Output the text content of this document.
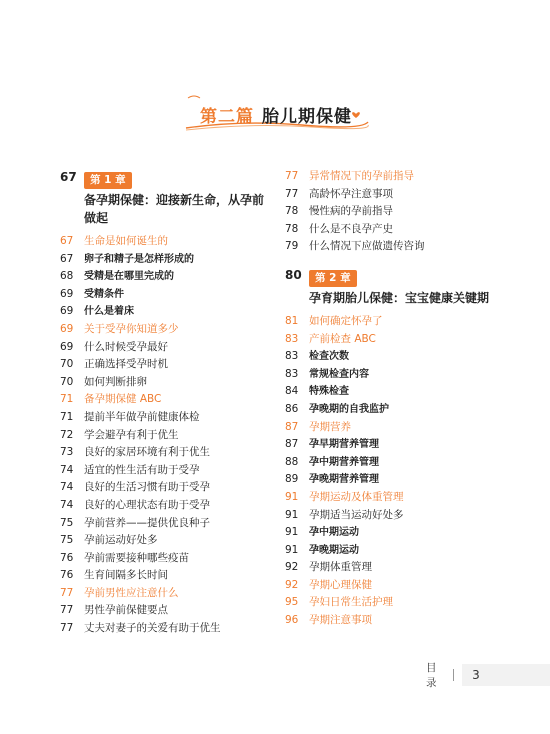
第二篇 胎儿期保健
67	第 1 章
备孕期保健：迎接新生命，从孕前做起
67	生命是如何诞生的
67	卵子和精子是怎样形成的
68	受精是在哪里完成的
69	受精条件
69	什么是着床
69	关于受孕你知道多少
69	什么时候受孕最好
70	正确选择受孕时机
70	如何判断排卵
71	备孕期保健 ABC
71	提前半年做孕前健康体检
72	学会避孕有利于优生
73	良好的家居环境有利于优生
74	适宜的性生活有助于受孕
74	良好的生活习惯有助于受孕
74	良好的心理状态有助于受孕
75	孕前营养——提供优良种子
75	孕前运动好处多
76	孕前需要接种哪些疫苗
76	生育间隔多长时间
77	孕前男性应注意什么
77	男性孕前保健要点
77	丈夫对妻子的关爱有助于优生
77	异常情况下的孕前指导
77	高龄怀孕注意事项
78	慢性病的孕前指导
78	什么是不良孕产史
79	什么情况下应做遗传咨询
80	第 2 章
孕育期胎儿保健：宝宝健康关键期
81	如何确定怀孕了
83	产前检查 ABC
83	检查次数
83	常规检查内容
84	特殊检查
86	孕晚期的自我监护
87	孕期营养
87	孕早期营养管理
88	孕中期营养管理
89	孕晚期营养管理
91	孕期运动及体重管理
91	孕期适当运动好处多
91	孕中期运动
91	孕晚期运动
92	孕期体重管理
92	孕期心理保健
95	孕妇日常生活护理
96	孕期注意事项
目录
3
